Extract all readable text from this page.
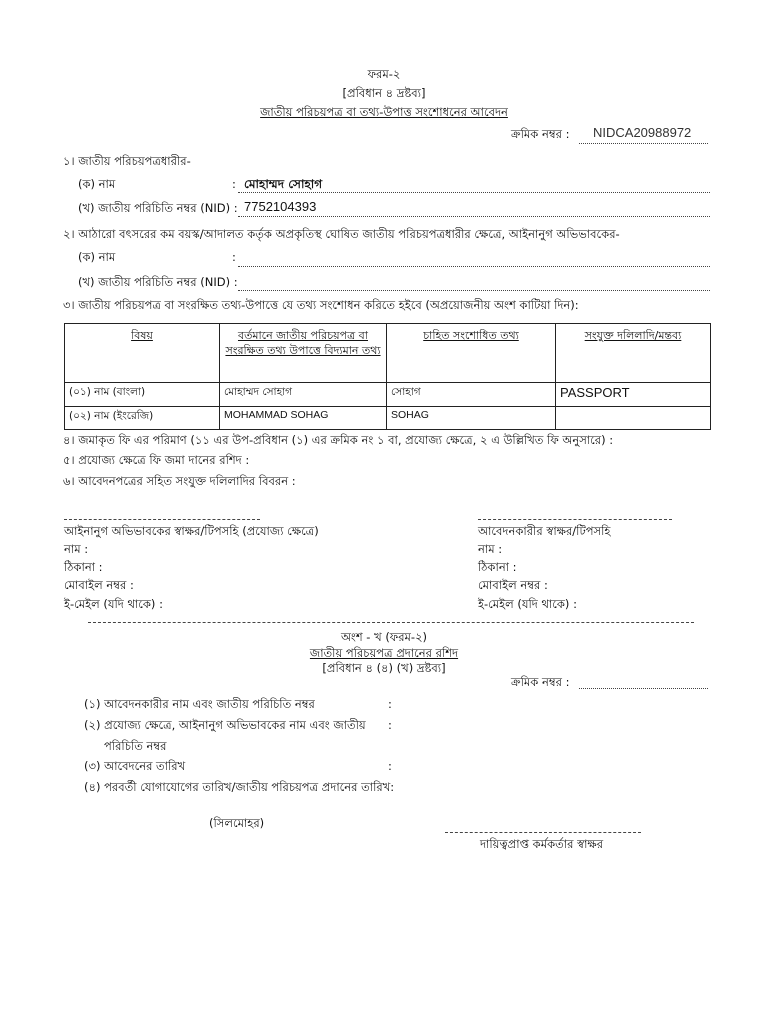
ফরম-২
[প্রবিধান ৪ দ্রষ্টব্য]
জাতীয় পরিচয়পত্র বা তথ্য-উপাত্ত সংশোধনের আবেদন
ক্রমিক নম্বর : NIDCA20988972
১। জাতীয় পরিচয়পত্রধারীর-
(ক) নাম	: মোহাম্মদ সোহাগ
(খ) জাতীয় পরিচিতি নম্বর (NID) : 7752104393
২। আঠারো বৎসরের কম বয়স্ক/আদালত কর্তৃক অপ্রকৃতিস্থ ঘোষিত জাতীয় পরিচয়পত্রধারীর ক্ষেত্রে, আইনানুগ অভিভাবকের-
(ক) নাম	:
(খ) জাতীয় পরিচিতি নম্বর (NID) :
৩। জাতীয় পরিচয়পত্র বা সংরক্ষিত তথ্য-উপাত্তে যে তথ্য সংশোধন করিতে হইবে (অপ্রয়োজনীয় অংশ কাটিয়া দিন):
বিষয়	বর্তমানে জাতীয় পরিচয়পত্র বা সংরক্ষিত তথ্য উপাত্তে বিদ্যমান তথ্য	চাহিত সংশোধিত তথ্য	সংযুক্ত দলিলাদি/মন্তব্য
(০১) নাম (বাংলা)	মোহাম্মদ সোহাগ	সোহাগ	PASSPORT
(০২) নাম (ইংরেজি)	MOHAMMAD SOHAG	SOHAG	
৪। জমাকৃত ফি এর পরিমাণ (১১ এর উপ-প্রবিধান (১) এর ক্রমিক নং ১ বা, প্রযোজ্য ক্ষেত্রে, ২ এ উল্লিখিত ফি অনুসারে) :
৫। প্রযোজ্য ক্ষেত্রে ফি জমা দানের রশিদ :
৬। আবেদনপত্রের সহিত সংযুক্ত দলিলাদির বিবরন :
আইনানুগ অভিভাবকের স্বাক্ষর/টিপসহি (প্রযোজ্য ক্ষেত্রে)
নাম :
ঠিকানা :
মোবাইল নম্বর :
ই-মেইল (যদি থাকে) :
আবেদনকারীর স্বাক্ষর/টিপসহি
নাম :
ঠিকানা :
মোবাইল নম্বর :
ই-মেইল (যদি থাকে) :
অংশ - খ (ফরম-২)
জাতীয় পরিচয়পত্র প্রদানের রশিদ
[প্রবিধান ৪ (৪) (খ) দ্রষ্টব্য]
ক্রমিক নম্বর :
(১) আবেদনকারীর নাম এবং জাতীয় পরিচিতি নম্বর	:
(২) প্রযোজ্য ক্ষেত্রে, আইনানুগ অভিভাবকের নাম এবং জাতীয় :
পরিচিতি নম্বর
(৩) আবেদনের তারিখ	:
(৪) পরবর্তী যোগাযোগের তারিখ/জাতীয় পরিচয়পত্র প্রদানের তারিখ:
(সিলমোহর)
দায়িত্বপ্রাপ্ত কর্মকর্তার স্বাক্ষর
